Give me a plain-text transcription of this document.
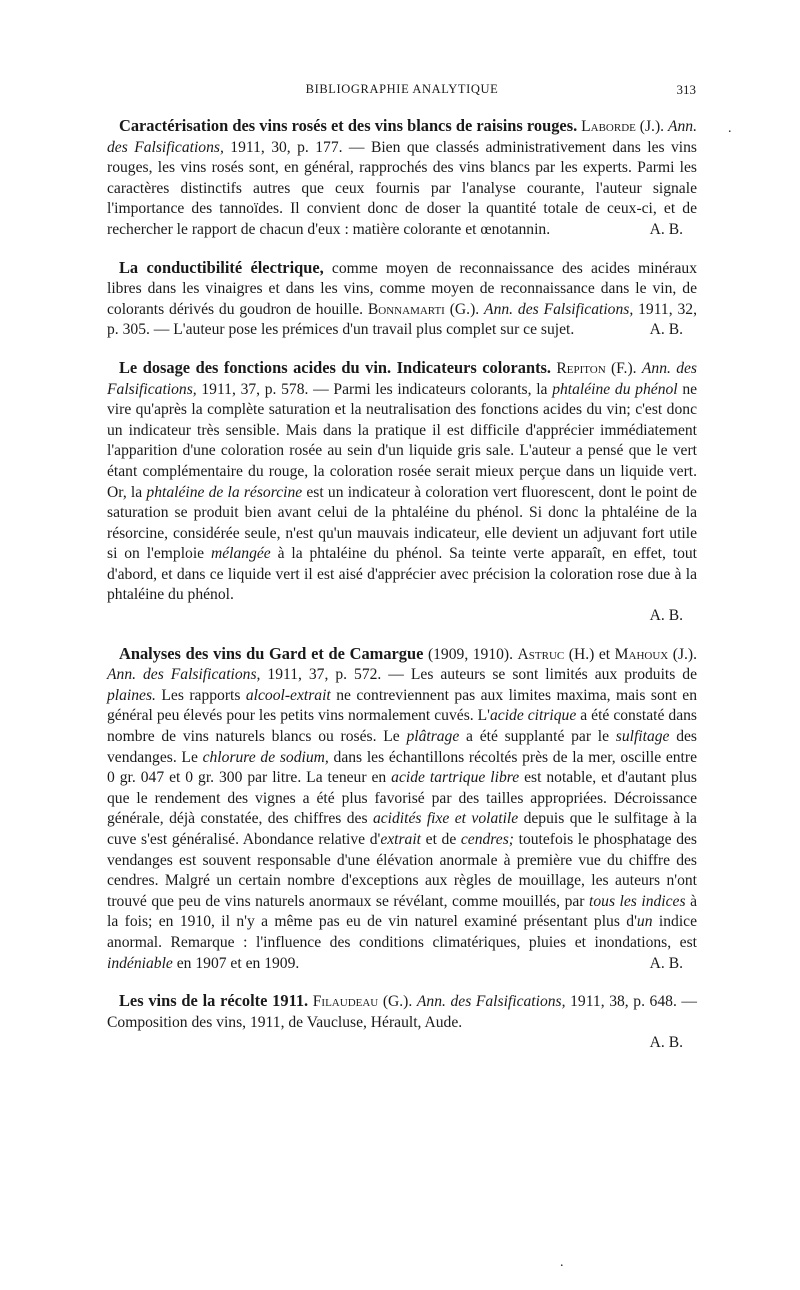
BIBLIOGRAPHIE ANALYTIQUE	313
.
.

Caractérisation des vins rosés et des vins blancs de raisins rouges. Laborde (J.). Ann. des Falsifications, 1911, 30, p. 177. — Bien que classés administrativement dans les vins rouges, les vins rosés sont, en général, rapprochés des vins blancs par les experts. Parmi les caractères distinctifs autres que ceux fournis par l'analyse courante, l'auteur signale l'importance des tannoïdes. Il convient donc de doser la quantité totale de ceux-ci, et de rechercher le rapport de chacun d'eux : matière colorante et œnotannin.	A. B.

La conductibilité électrique, comme moyen de reconnaissance des acides minéraux libres dans les vinaigres et dans les vins, comme moyen de reconnaissance dans le vin, de colorants dérivés du goudron de houille. Bonnamarti (G.). Ann. des Falsifications, 1911, 32, p. 305. — L'auteur pose les prémices d'un travail plus complet sur ce sujet.	A. B.

Le dosage des fonctions acides du vin. Indicateurs colorants. Repiton (F.). Ann. des Falsifications, 1911, 37, p. 578. — Parmi les indicateurs colorants, la phtaléine du phénol ne vire qu'après la complète saturation et la neutralisation des fonctions acides du vin; c'est donc un indicateur très sensible. Mais dans la pratique il est difficile d'apprécier immédiatement l'apparition d'une coloration rosée au sein d'un liquide gris sale. L'auteur a pensé que le vert étant complémentaire du rouge, la coloration rosée serait mieux perçue dans un liquide vert. Or, la phtaléine de la résorcine est un indicateur à coloration vert fluorescent, dont le point de saturation se produit bien avant celui de la phtaléine du phénol. Si donc la phtaléine de la résorcine, considérée seule, n'est qu'un mauvais indicateur, elle devient un adjuvant fort utile si on l'emploie mélangée à la phtaléine du phénol. Sa teinte verte apparaît, en effet, tout d'abord, et dans ce liquide vert il est aisé d'apprécier avec précision la coloration rose due à la phtaléine du phénol.

A. B.

Analyses des vins du Gard et de Camargue (1909, 1910). Astruc (H.) et Mahoux (J.). Ann. des Falsifications, 1911, 37, p. 572. — Les auteurs se sont limités aux produits de plaines. Les rapports alcool-extrait ne contreviennent pas aux limites maxima, mais sont en général peu élevés pour les petits vins normalement cuvés. L'acide citrique a été constaté dans nombre de vins naturels blancs ou rosés. Le plâtrage a été supplanté par le sulfitage des vendanges. Le chlorure de sodium, dans les échantillons récoltés près de la mer, oscille entre 0 gr. 047 et 0 gr. 300 par litre. La teneur en acide tartrique libre est notable, et d'autant plus que le rendement des vignes a été plus favorisé par des tailles appropriées. Décroissance générale, déjà constatée, des chiffres des acidités fixe et volatile depuis que le sulfitage à la cuve s'est généralisé. Abondance relative d'extrait et de cendres; toutefois le phosphatage des vendanges est souvent responsable d'une élévation anormale à première vue du chiffre des cendres. Malgré un certain nombre d'exceptions aux règles de mouillage, les auteurs n'ont trouvé que peu de vins naturels anormaux se révélant, comme mouillés, par tous les indices à la fois; en 1910, il n'y a même pas eu de vin naturel examiné présentant plus d'un indice anormal. Remarque : l'influence des conditions climatériques, pluies et inondations, est indéniable en 1907 et en 1909.	A. B.

Les vins de la récolte 1911. Filaudeau (G.). Ann. des Falsifications, 1911, 38, p. 648. — Composition des vins, 1911, de Vaucluse, Hérault, Aude.

A. B.
